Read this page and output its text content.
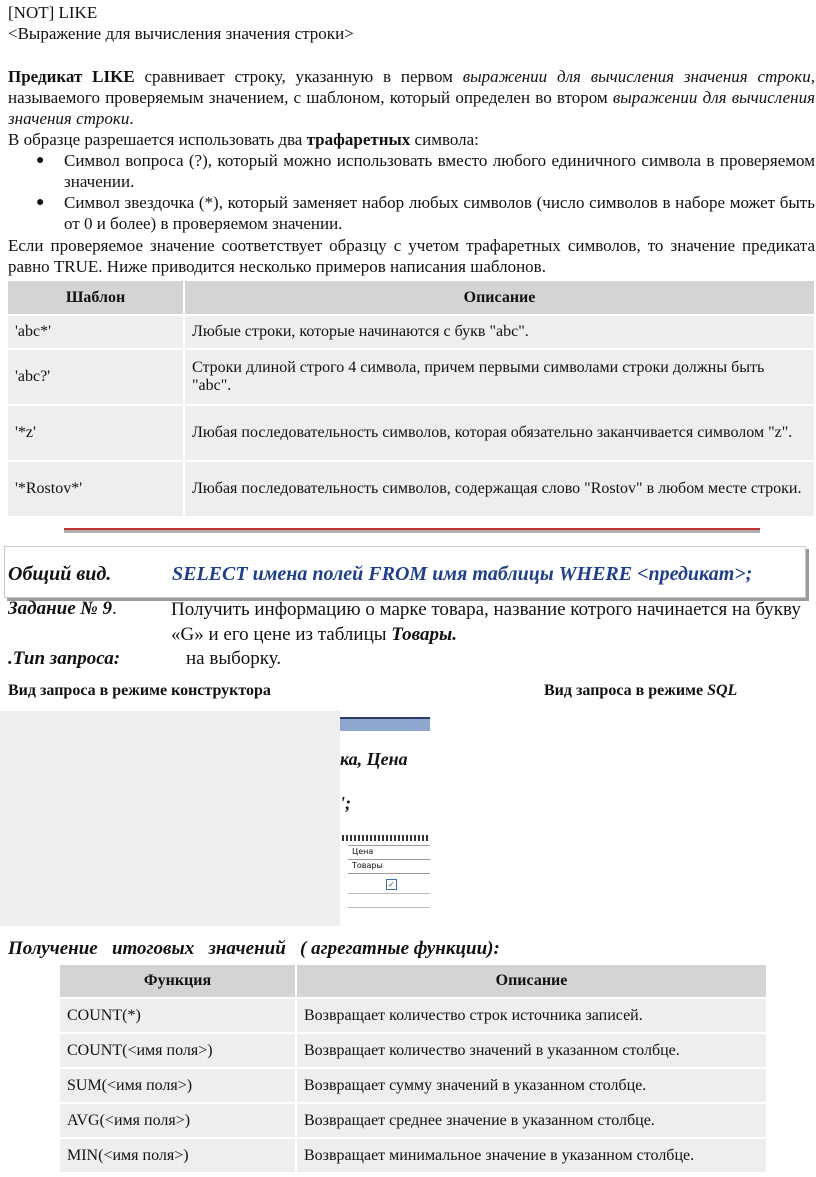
[NOT] LIKE
<Выражение для вычисления значения строки>
Предикат LIKE сравнивает строку, указанную в первом выражении для вычисления значения строки, называемого проверяемым значением, с шаблоном, который определен во втором выражении для вычисления значения строки.
В образце разрешается использовать два трафаретных символа:
● Символ вопроса (?), который можно использовать вместо любого единичного символа в проверяемом значении.
● Символ звездочка (*), который заменяет набор любых символов (число символов в наборе может быть от 0 и более) в проверяемом значении.
Если проверяемое значение соответствует образцу с учетом трафаретных символов, то значение предиката равно TRUE. Ниже приводится несколько примеров написания шаблонов.
Шаблон	Описание
'abc*'	Любые строки, которые начинаются с букв "abc".
'abc?'	Строки длиной строго 4 символа, причем первыми символами строки должны быть "abc".
'*z'	Любая последовательность символов, которая обязательно заканчивается символом "z".
'*Rostov*'	Любая последовательность символов, содержащая слово "Rostov" в любом месте строки.
Общий вид.	SELECT имена полей FROM имя таблицы WHERE <предикат>;
Задание № 9.	Получить информацию о марке товара, название котрого начинается на букву «G» и его цене из таблицы Товары.
.Тип запроса:	на выборку.
Вид запроса в режиме конструктора	Вид запроса в режиме SQL
ка, Цена
';
Цена
Товары
✓
Получение   итоговых   значений   ( агрегатные функции):
Функция	Описание
COUNT(*)	Возвращает количество строк источника записей.
COUNT(<имя поля>)	Возвращает количество значений в указанном столбце.
SUM(<имя поля>)	Возвращает сумму значений в указанном столбце.
AVG(<имя поля>)	Возвращает среднее значение в указанном столбце.
MIN(<имя поля>)	Возвращает минимальное значение в указанном столбце.
